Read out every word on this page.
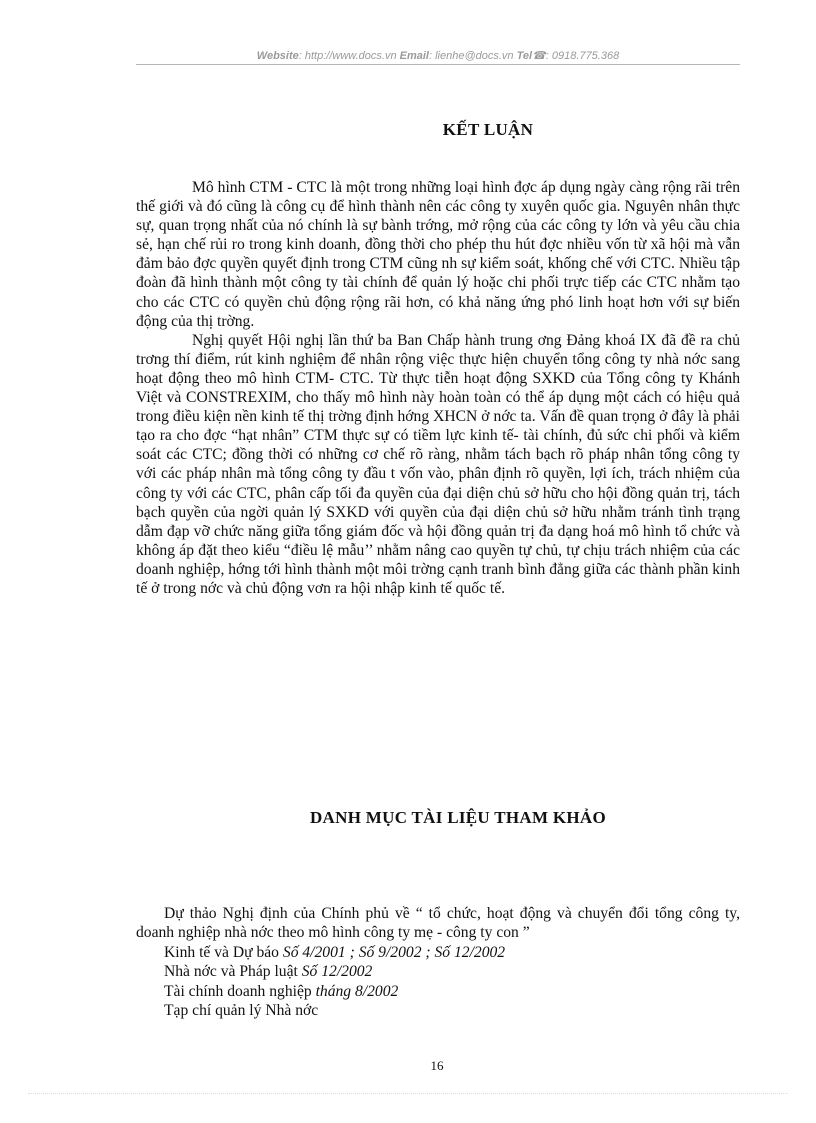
Website: http://www.docs.vn Email: lienhe@docs.vn Tel☎: 0918.775.368
KẾT LUẬN

Mô hình CTM - CTC là một trong những loại hình đợc áp dụng ngày càng rộng rãi trên thế giới và đó cũng là công cụ để hình thành nên các công ty xuyên quốc gia. Nguyên nhân thực sự, quan trọng nhất của nó chính là sự bành trớng, mở rộng của các công ty lớn và yêu cầu chia sẻ, hạn chế rủi ro trong kinh doanh, đồng thời cho phép thu hút đợc nhiều vốn từ xã hội mà vẫn đảm bảo đợc quyền quyết định trong CTM cũng nh sự kiểm soát, khống chế với CTC. Nhiều tập đoàn đã hình thành một công ty tài chính để quản lý hoặc chi phối trực tiếp các CTC nhằm tạo cho các CTC có quyền chủ động rộng rãi hơn, có khả năng ứng phó linh hoạt hơn với sự biến động của thị trờng.

Nghị quyết Hội nghị lần thứ ba Ban Chấp hành trung ơng Đảng khoá IX đã đề ra chủ trơng thí điểm, rút kinh nghiệm để nhân rộng việc thực hiện chuyển tổng công ty nhà nớc sang hoạt động theo mô hình CTM- CTC. Từ thực tiễn hoạt động SXKD của Tổng công ty Khánh Việt và CONSTREXIM, cho thấy mô hình này hoàn toàn có thể áp dụng một cách có hiệu quả trong điều kiện nền kinh tế thị trờng định hớng XHCN ở nớc ta. Vấn đề quan trọng ở đây là phải tạo ra cho đợc “hạt nhân” CTM thực sự có tiềm lực kinh tế- tài chính, đủ sức chi phối và kiểm soát các CTC; đồng thời có những cơ chế rõ ràng, nhằm tách bạch rõ pháp nhân tổng công ty với các pháp nhân mà tổng công ty đầu t vốn vào, phân định rõ quyền, lợi ích, trách nhiệm của công ty với các CTC, phân cấp tối đa quyền của đại diện chủ sở hữu cho hội đồng quản trị, tách bạch quyền của ngời quản lý SXKD với quyền của đại diện chủ sở hữu nhằm tránh tình trạng dẫm đạp vỡ chức năng giữa tổng giám đốc và hội đồng quản trị đa dạng hoá mô hình tổ chức và không áp đặt theo kiểu “điều lệ mẫu’’ nhằm nâng cao quyền tự chủ, tự chịu trách nhiệm của các doanh nghiệp, hớng tới hình thành một môi trờng cạnh tranh bình đẳng giữa các thành phần kinh tế ở trong nớc và chủ động vơn ra hội nhập kinh tế quốc tế.

DANH MỤC TÀI LIỆU THAM KHẢO

Dự thảo Nghị định của Chính phủ về “ tổ chức, hoạt động và chuyển đổi tổng công ty, doanh nghiệp nhà nớc theo mô hình công ty mẹ - công ty con ”

Kinh tế và Dự báo Số 4/2001 ; Số 9/2002 ; Số 12/2002

Nhà nớc và Pháp luật Số 12/2002

Tài chính doanh nghiệp tháng 8/2002

Tạp chí quản lý Nhà nớc

16
